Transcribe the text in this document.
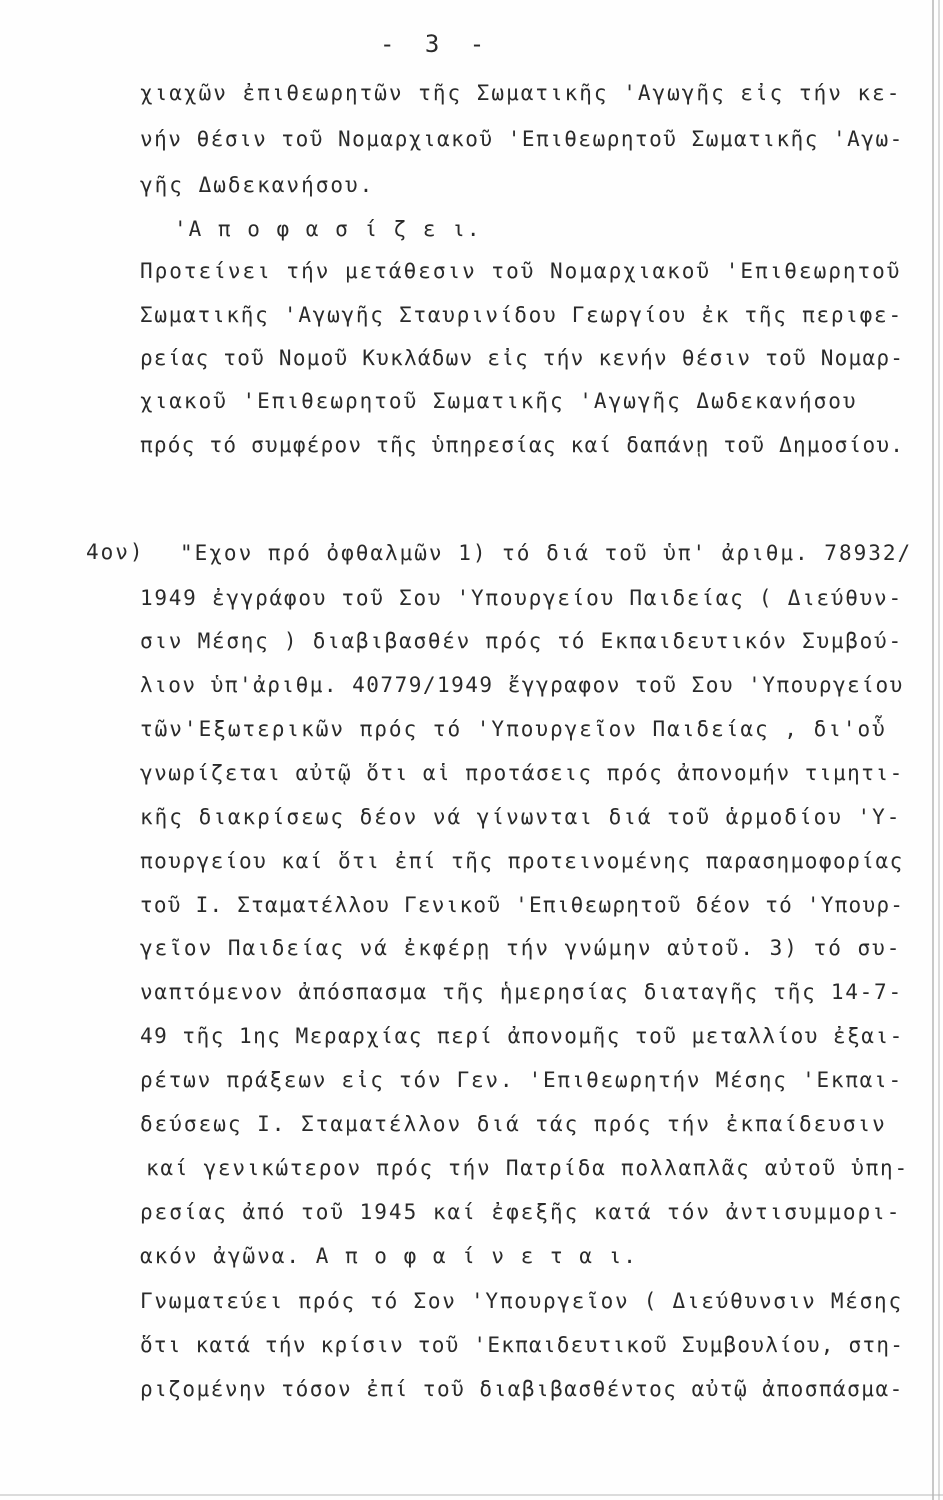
- 3 -
4ον)
χιαχῶν ἐπιθεωρητῶν τῆς Σωματικῆς 'Αγωγῆς εἰς τήν κε-
νήν θέσιν τοῦ Νομαρχιακοῦ 'Επιθεωρητοῦ Σωματικῆς 'Αγω-
γῆς Δωδεκανήσου.
'Α π ο φ α σ ί ζ ε ι.
Προτείνει τήν μετάθεσιν τοῦ Νομαρχιακοῦ 'Επιθεωρητοῦ
Σωματικῆς 'Αγωγῆς Σταυρινίδου Γεωργίου ἐκ τῆς περιφε-
ρείας τοῦ Νομοῦ Κυκλάδων εἰς τήν κενήν θέσιν τοῦ Νομαρ-
χιακοῦ 'Επιθεωρητοῦ Σωματικῆς 'Αγωγῆς Δωδεκανήσου
πρός τό συμφέρον τῆς ὑπηρεσίας καί δαπάνῃ τοῦ Δημοσίου.
"Εχον πρό ὀφθαλμῶν 1) τό διά τοῦ ὑπ' ἀριθμ. 78932/
1949 ἐγγράφου τοῦ Σου 'Υπουργείου Παιδείας ( Διεύθυν-
σιν Μέσης ) διαβιβασθέν πρός τό Εκπαιδευτικόν Συμβού-
λιον ὑπ'ἀριθμ. 40779/1949 ἔγγραφον τοῦ Σου 'Υπουργείου
τῶν'Εξωτερικῶν πρός τό 'Υπουργεῖον Παιδείας , δι'οὗ
γνωρίζεται αὐτῷ ὅτι αἱ προτάσεις πρός ἀπονομήν τιμητι-
κῆς διακρίσεως δέον νά γίνωνται διά τοῦ ἁρμοδίου 'Υ-
πουργείου καί ὅτι ἐπί τῆς προτεινομένης παρασημοφορίας
τοῦ Ι. Σταματέλλου Γενικοῦ 'Επιθεωρητοῦ δέον τό 'Υπουρ-
γεῖον Παιδείας νά ἐκφέρῃ τήν γνώμην αὐτοῦ. 3) τό συ-
ναπτόμενον ἀπόσπασμα τῆς ἡμερησίας διαταγῆς τῆς 14-7-
49 τῆς 1ης Μεραρχίας περί ἀπονομῆς τοῦ μεταλλίου ἐξαι-
ρέτων πράξεων εἰς τόν Γεν. 'Επιθεωρητήν Μέσης 'Εκπαι-
δεύσεως Ι. Σταματέλλον διά τάς πρός τήν ἐκπαίδευσιν
καί γενικώτερον πρός τήν Πατρίδα πολλαπλᾶς αὐτοῦ ὑπη-
ρεσίας ἀπό τοῦ 1945 καί ἐφεξῆς κατά τόν ἀντισυμμορι-
ακόν ἀγῶνα. Α π ο φ α ί ν ε τ α ι.
Γνωματεύει πρός τό Σον 'Υπουργεῖον ( Διεύθυνσιν Μέσης
ὅτι κατά τήν κρίσιν τοῦ 'Εκπαιδευτικοῦ Συμβουλίου, στη-
ριζομένην τόσον ἐπί τοῦ διαβιβασθέντος αὐτῷ ἀποσπάσμα-
